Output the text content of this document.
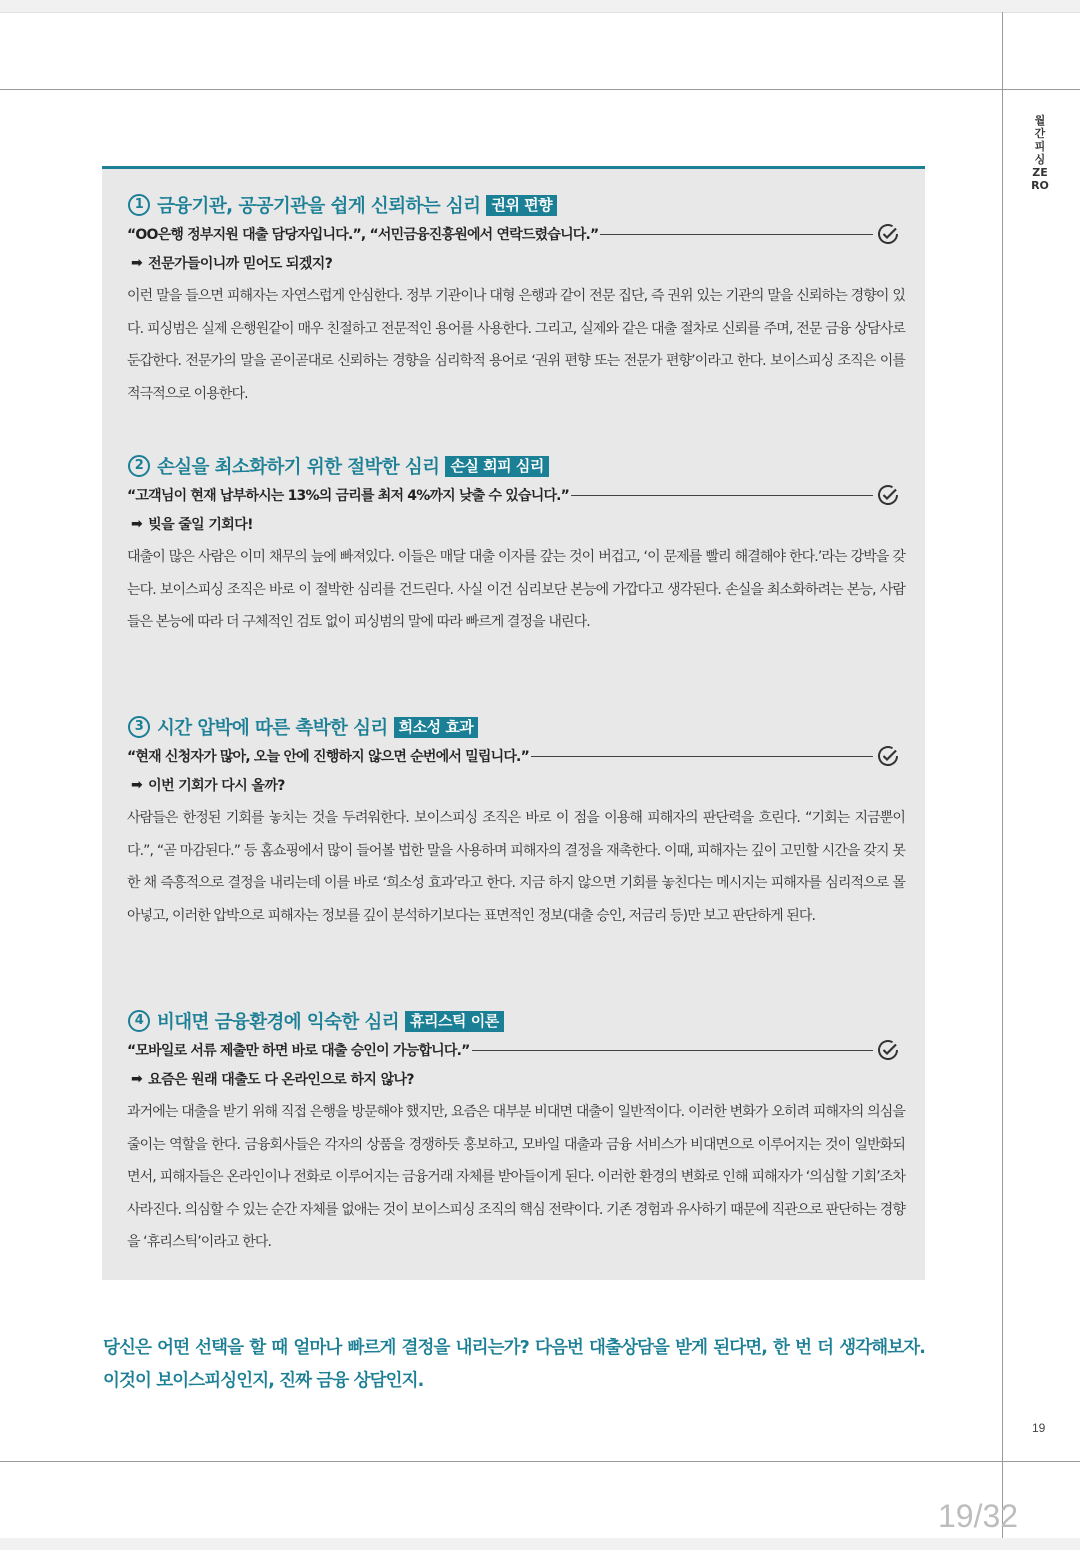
월간 피싱 ZERO
1 금융기관, 공공기관을 쉽게 신뢰하는 심리 권위 편향
“OO은행 정부지원 대출 담당자입니다.”, “서민금융진흥원에서 연락드렸습니다.”
➡ 전문가들이니까 믿어도 되겠지?

이런 말을 들으면 피해자는 자연스럽게 안심한다. 정부 기관이나 대형 은행과 같이 전문 집단, 즉 권위 있는 기관의 말을 신뢰하는 경향이 있다. 피싱범은 실제 은행원같이 매우 친절하고 전문적인 용어를 사용한다. 그리고, 실제와 같은 대출 절차로 신뢰를 주며, 전문 금융 상담사로 둔갑한다. 전문가의 말을 곧이곧대로 신뢰하는 경향을 심리학적 용어로 ‘권위 편향 또는 전문가 편향’이라고 한다. 보이스피싱 조직은 이를 적극적으로 이용한다.

2 손실을 최소화하기 위한 절박한 심리 손실 회피 심리
“고객님이 현재 납부하시는 13%의 금리를 최저 4%까지 낮출 수 있습니다.”
➡ 빚을 줄일 기회다!

대출이 많은 사람은 이미 채무의 늪에 빠져있다. 이들은 매달 대출 이자를 갚는 것이 버겁고, ‘이 문제를 빨리 해결해야 한다.’라는 강박을 갖는다. 보이스피싱 조직은 바로 이 절박한 심리를 건드린다. 사실 이건 심리보단 본능에 가깝다고 생각된다. 손실을 최소화하려는 본능, 사람들은 본능에 따라 더 구체적인 검토 없이 피싱범의 말에 따라 빠르게 결정을 내린다.

3 시간 압박에 따른 촉박한 심리 희소성 효과
“현재 신청자가 많아, 오늘 안에 진행하지 않으면 순번에서 밀립니다.”
➡ 이번 기회가 다시 올까?

사람들은 한정된 기회를 놓치는 것을 두려워한다. 보이스피싱 조직은 바로 이 점을 이용해 피해자의 판단력을 흐린다. “기회는 지금뿐이다.”, “곧 마감된다.” 등 홈쇼핑에서 많이 들어볼 법한 말을 사용하며 피해자의 결정을 재촉한다. 이때, 피해자는 깊이 고민할 시간을 갖지 못한 채 즉흥적으로 결정을 내리는데 이를 바로 ‘희소성 효과’라고 한다. 지금 하지 않으면 기회를 놓친다는 메시지는 피해자를 심리적으로 몰아넣고, 이러한 압박으로 피해자는 정보를 깊이 분석하기보다는 표면적인 정보(대출 승인, 저금리 등)만 보고 판단하게 된다.

4 비대면 금융환경에 익숙한 심리 휴리스틱 이론
“모바일로 서류 제출만 하면 바로 대출 승인이 가능합니다.”
➡ 요즘은 원래 대출도 다 온라인으로 하지 않나?

과거에는 대출을 받기 위해 직접 은행을 방문해야 했지만, 요즘은 대부분 비대면 대출이 일반적이다. 이러한 변화가 오히려 피해자의 의심을 줄이는 역할을 한다. 금융회사들은 각자의 상품을 경쟁하듯 홍보하고, 모바일 대출과 금융 서비스가 비대면으로 이루어지는 것이 일반화되면서, 피해자들은 온라인이나 전화로 이루어지는 금융거래 자체를 받아들이게 된다. 이러한 환경의 변화로 인해 피해자가 ‘의심할 기회’조차 사라진다. 의심할 수 있는 순간 자체를 없애는 것이 보이스피싱 조직의 핵심 전략이다. 기존 경험과 유사하기 때문에 직관으로 판단하는 경향을 ‘휴리스틱’이라고 한다.

당신은 어떤 선택을 할 때 얼마나 빠르게 결정을 내리는가? 다음번 대출상담을 받게 된다면, 한 번 더 생각해보자. 이것이 보이스피싱인지, 진짜 금융 상담인지.

19
19/32
